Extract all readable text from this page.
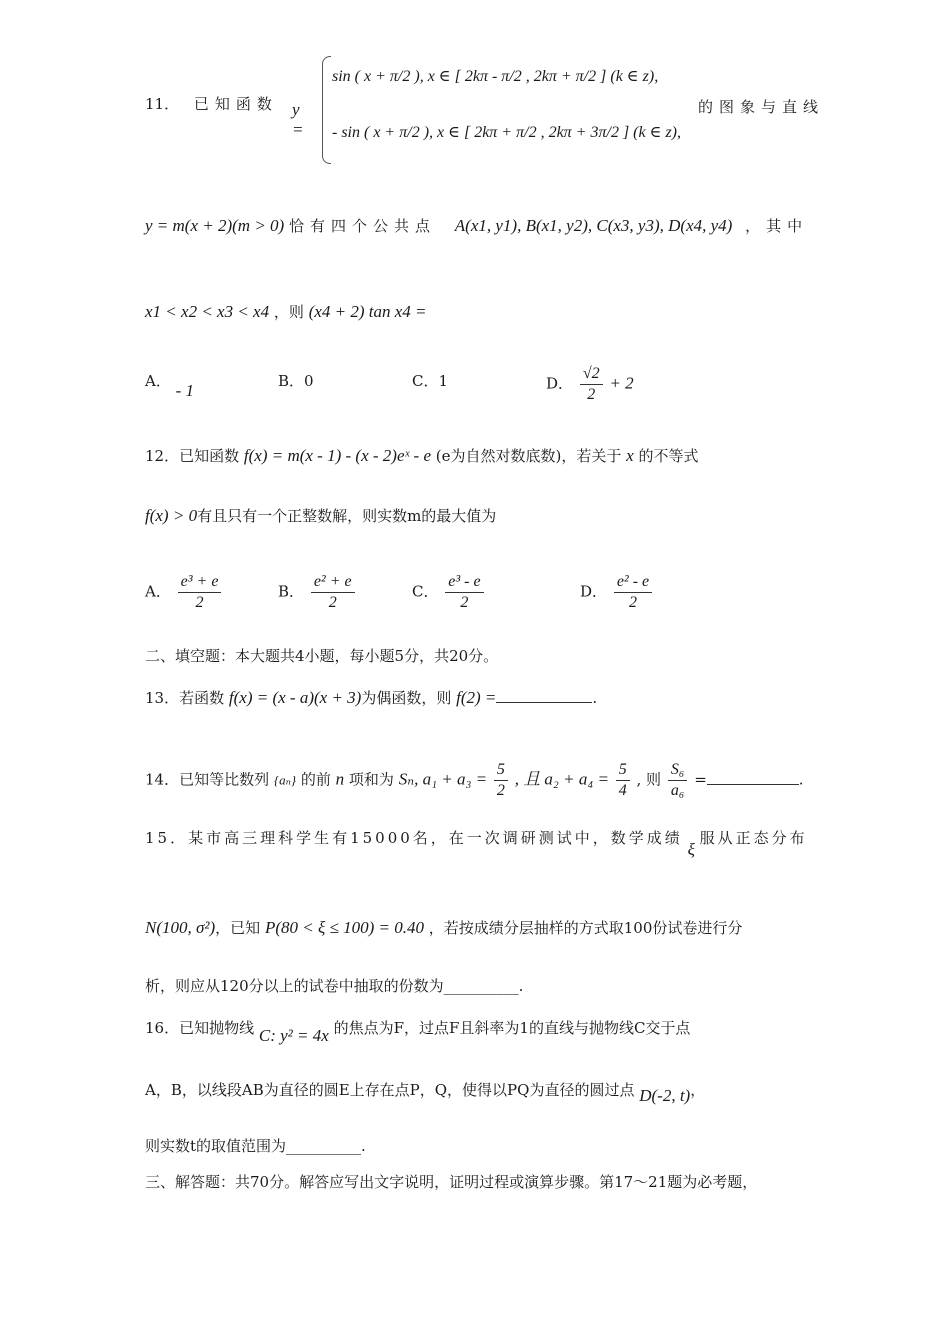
11． 已知函数 y =
sin ( x + π/2 ), x ∈ [ 2kπ - π/2 , 2kπ + π/2 ] (k ∈ z),
- sin ( x + π/2 ), x ∈ [ 2kπ + π/2 , 2kπ + 3π/2 ] (k ∈ z),
的图象与直线
y = m(x + 2)(m > 0) 恰有四个公共点 A(x1, y1), B(x1, y2), C(x3, y3), D(x4, y4) ，其中
x1 < x2 < x3 < x4 ，则 (x4 + 2) tan x4 =
A． - 1	B．0	C．1	D． $\frac{√2}{2} + 2$
12．已知函数 f(x) = m(x - 1) - (x - 2)eˣ - e (e为自然对数底数)，若关于 x 的不等式
f(x) > 0有且只有一个正整数解，则实数m的最大值为
A． $\frac{\text{e³ + e}}{2}$	B． $\frac{\text{e² + e}}{2}$	C． $\frac{\text{e³ - e}}{2}$	D． $\frac{\text{e² - e}}{2}$
二、填空题：本大题共4小题，每小题5分，共20分。
13．若函数 f(x) = (x - a)(x + 3)为偶函数，则 f(2) =	.
14．已知等比数列 {aₙ} 的前 n 项和为 Sₙ, $a_1 + a_3 = \frac{5}{2}$ , 且 $a_2 + a_4 = \frac{5}{4}$ , 则 $\frac{\text{S₆}}{\text{a₆}}$ =	.
15．某市高三理科学生有15000名，在一次调研测试中，数学成绩 ξ 服从正态分布
N(100, σ²)，已知 P(80 < ξ ≤ 100) = 0.40 ，若按成绩分层抽样的方式取100份试卷进行分
析，则应从120分以上的试卷中抽取的份数为__________.
16．已知抛物线 C: y² = 4x 的焦点为F，过点F且斜率为1的直线与抛物线C交于点
A，B，以线段AB为直径的圆E上存在点P，Q，使得以PQ为直径的圆过点 D(-2, t)，
则实数t的取值范围为__________.
三、解答题：共70分。解答应写出文字说明，证明过程或演算步骤。第17～21题为必考题，
